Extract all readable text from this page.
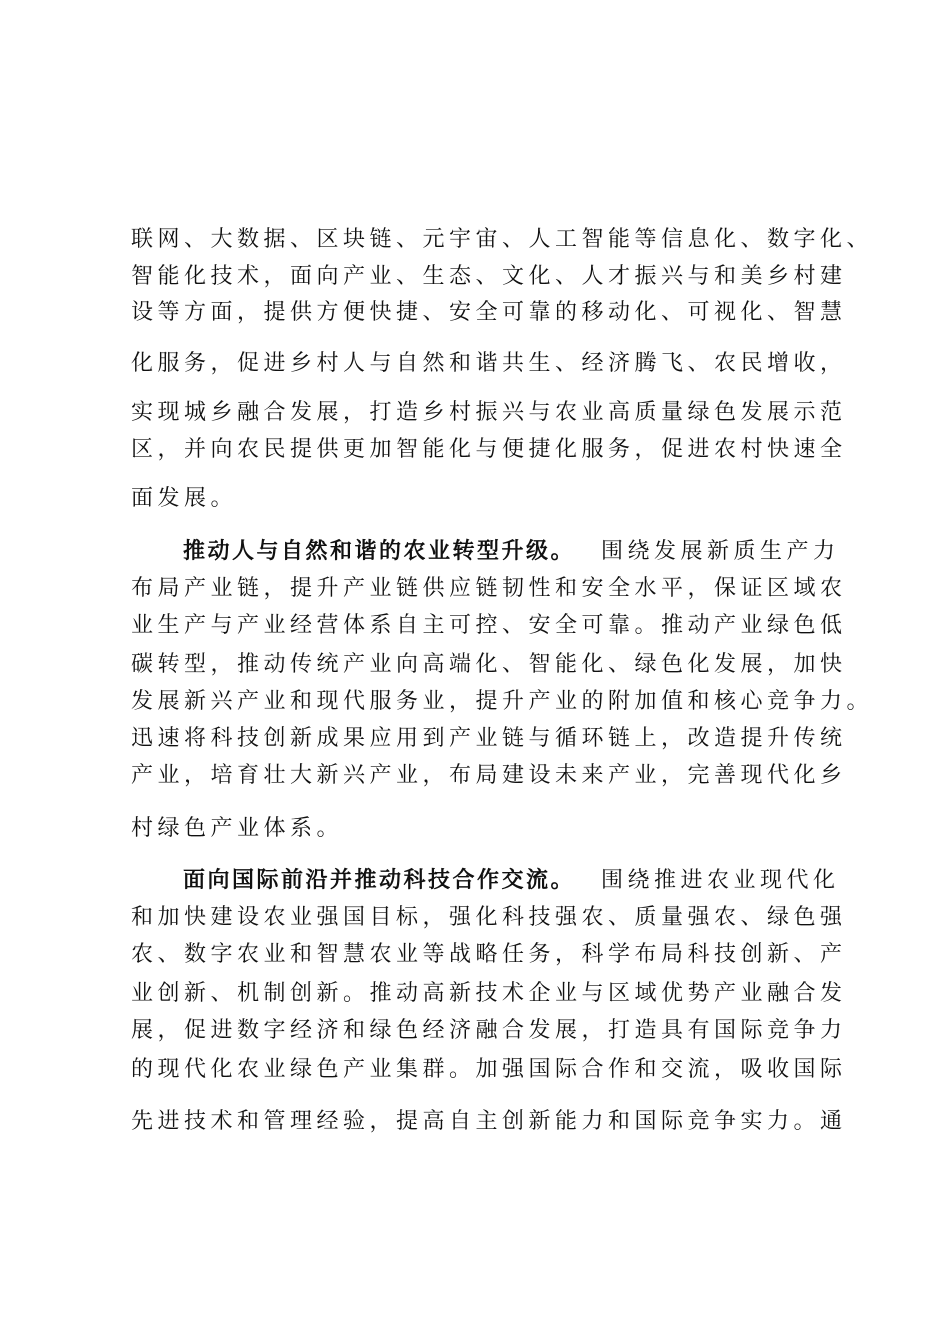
联网、大数据、区块链、元宇宙、人工智能等信息化、数字化、
智能化技术，面向产业、生态、文化、人才振兴与和美乡村建
设等方面，提供方便快捷、安全可靠的移动化、可视化、智慧
化服务，促进乡村人与自然和谐共生、经济腾飞、农民增收，
实现城乡融合发展，打造乡村振兴与农业高质量绿色发展示范
区，并向农民提供更加智能化与便捷化服务，促进农村快速全
面发展。
推动人与自然和谐的农业转型升级。 围绕发展新质生产力
布局产业链，提升产业链供应链韧性和安全水平，保证区域农
业生产与产业经营体系自主可控、安全可靠。推动产业绿色低
碳转型，推动传统产业向高端化、智能化、绿色化发展，加快
发展新兴产业和现代服务业，提升产业的附加值和核心竞争力。
迅速将科技创新成果应用到产业链与循环链上，改造提升传统
产业，培育壮大新兴产业，布局建设未来产业，完善现代化乡
村绿色产业体系。
面向国际前沿并推动科技合作交流。 围绕推进农业现代化
和加快建设农业强国目标，强化科技强农、质量强农、绿色强
农、数字农业和智慧农业等战略任务，科学布局科技创新、产
业创新、机制创新。推动高新技术企业与区域优势产业融合发
展，促进数字经济和绿色经济融合发展，打造具有国际竞争力
的现代化农业绿色产业集群。加强国际合作和交流，吸收国际
先进技术和管理经验，提高自主创新能力和国际竞争实力。通
